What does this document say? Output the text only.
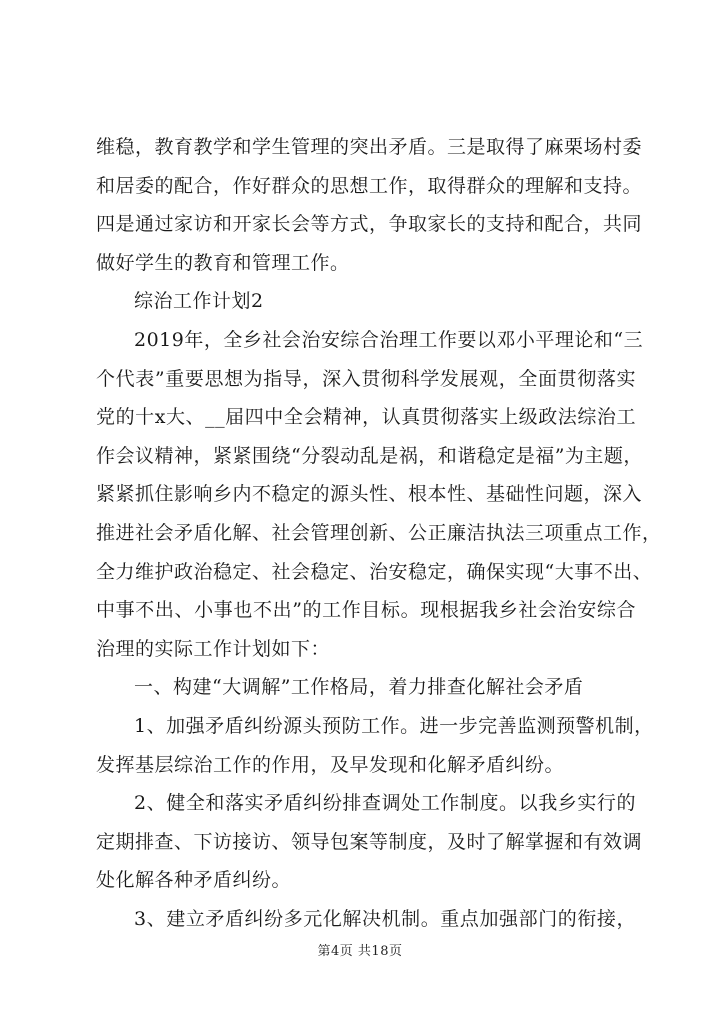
维稳，教育教学和学生管理的突出矛盾。三是取得了麻栗场村委
和居委的配合，作好群众的思想工作，取得群众的理解和支持。
四是通过家访和开家长会等方式，争取家长的支持和配合，共同
做好学生的教育和管理工作。
综治工作计划2
2019年，全乡社会治安综合治理工作要以邓小平理论和“三
个代表”重要思想为指导，深入贯彻科学发展观，全面贯彻落实
党的十x大、__届四中全会精神，认真贯彻落实上级政法综治工
作会议精神，紧紧围绕“分裂动乱是祸，和谐稳定是福”为主题，
紧紧抓住影响乡内不稳定的源头性、根本性、基础性问题，深入
推进社会矛盾化解、社会管理创新、公正廉洁执法三项重点工作，
全力维护政治稳定、社会稳定、治安稳定，确保实现“大事不出、
中事不出、小事也不出”的工作目标。现根据我乡社会治安综合
治理的实际工作计划如下：
一、构建“大调解”工作格局，着力排查化解社会矛盾
1、加强矛盾纠纷源头预防工作。进一步完善监测预警机制，
发挥基层综治工作的作用，及早发现和化解矛盾纠纷。
2、健全和落实矛盾纠纷排查调处工作制度。以我乡实行的
定期排查、下访接访、领导包案等制度，及时了解掌握和有效调
处化解各种矛盾纠纷。
3、建立矛盾纠纷多元化解决机制。重点加强部门的衔接，
第4页 共18页
